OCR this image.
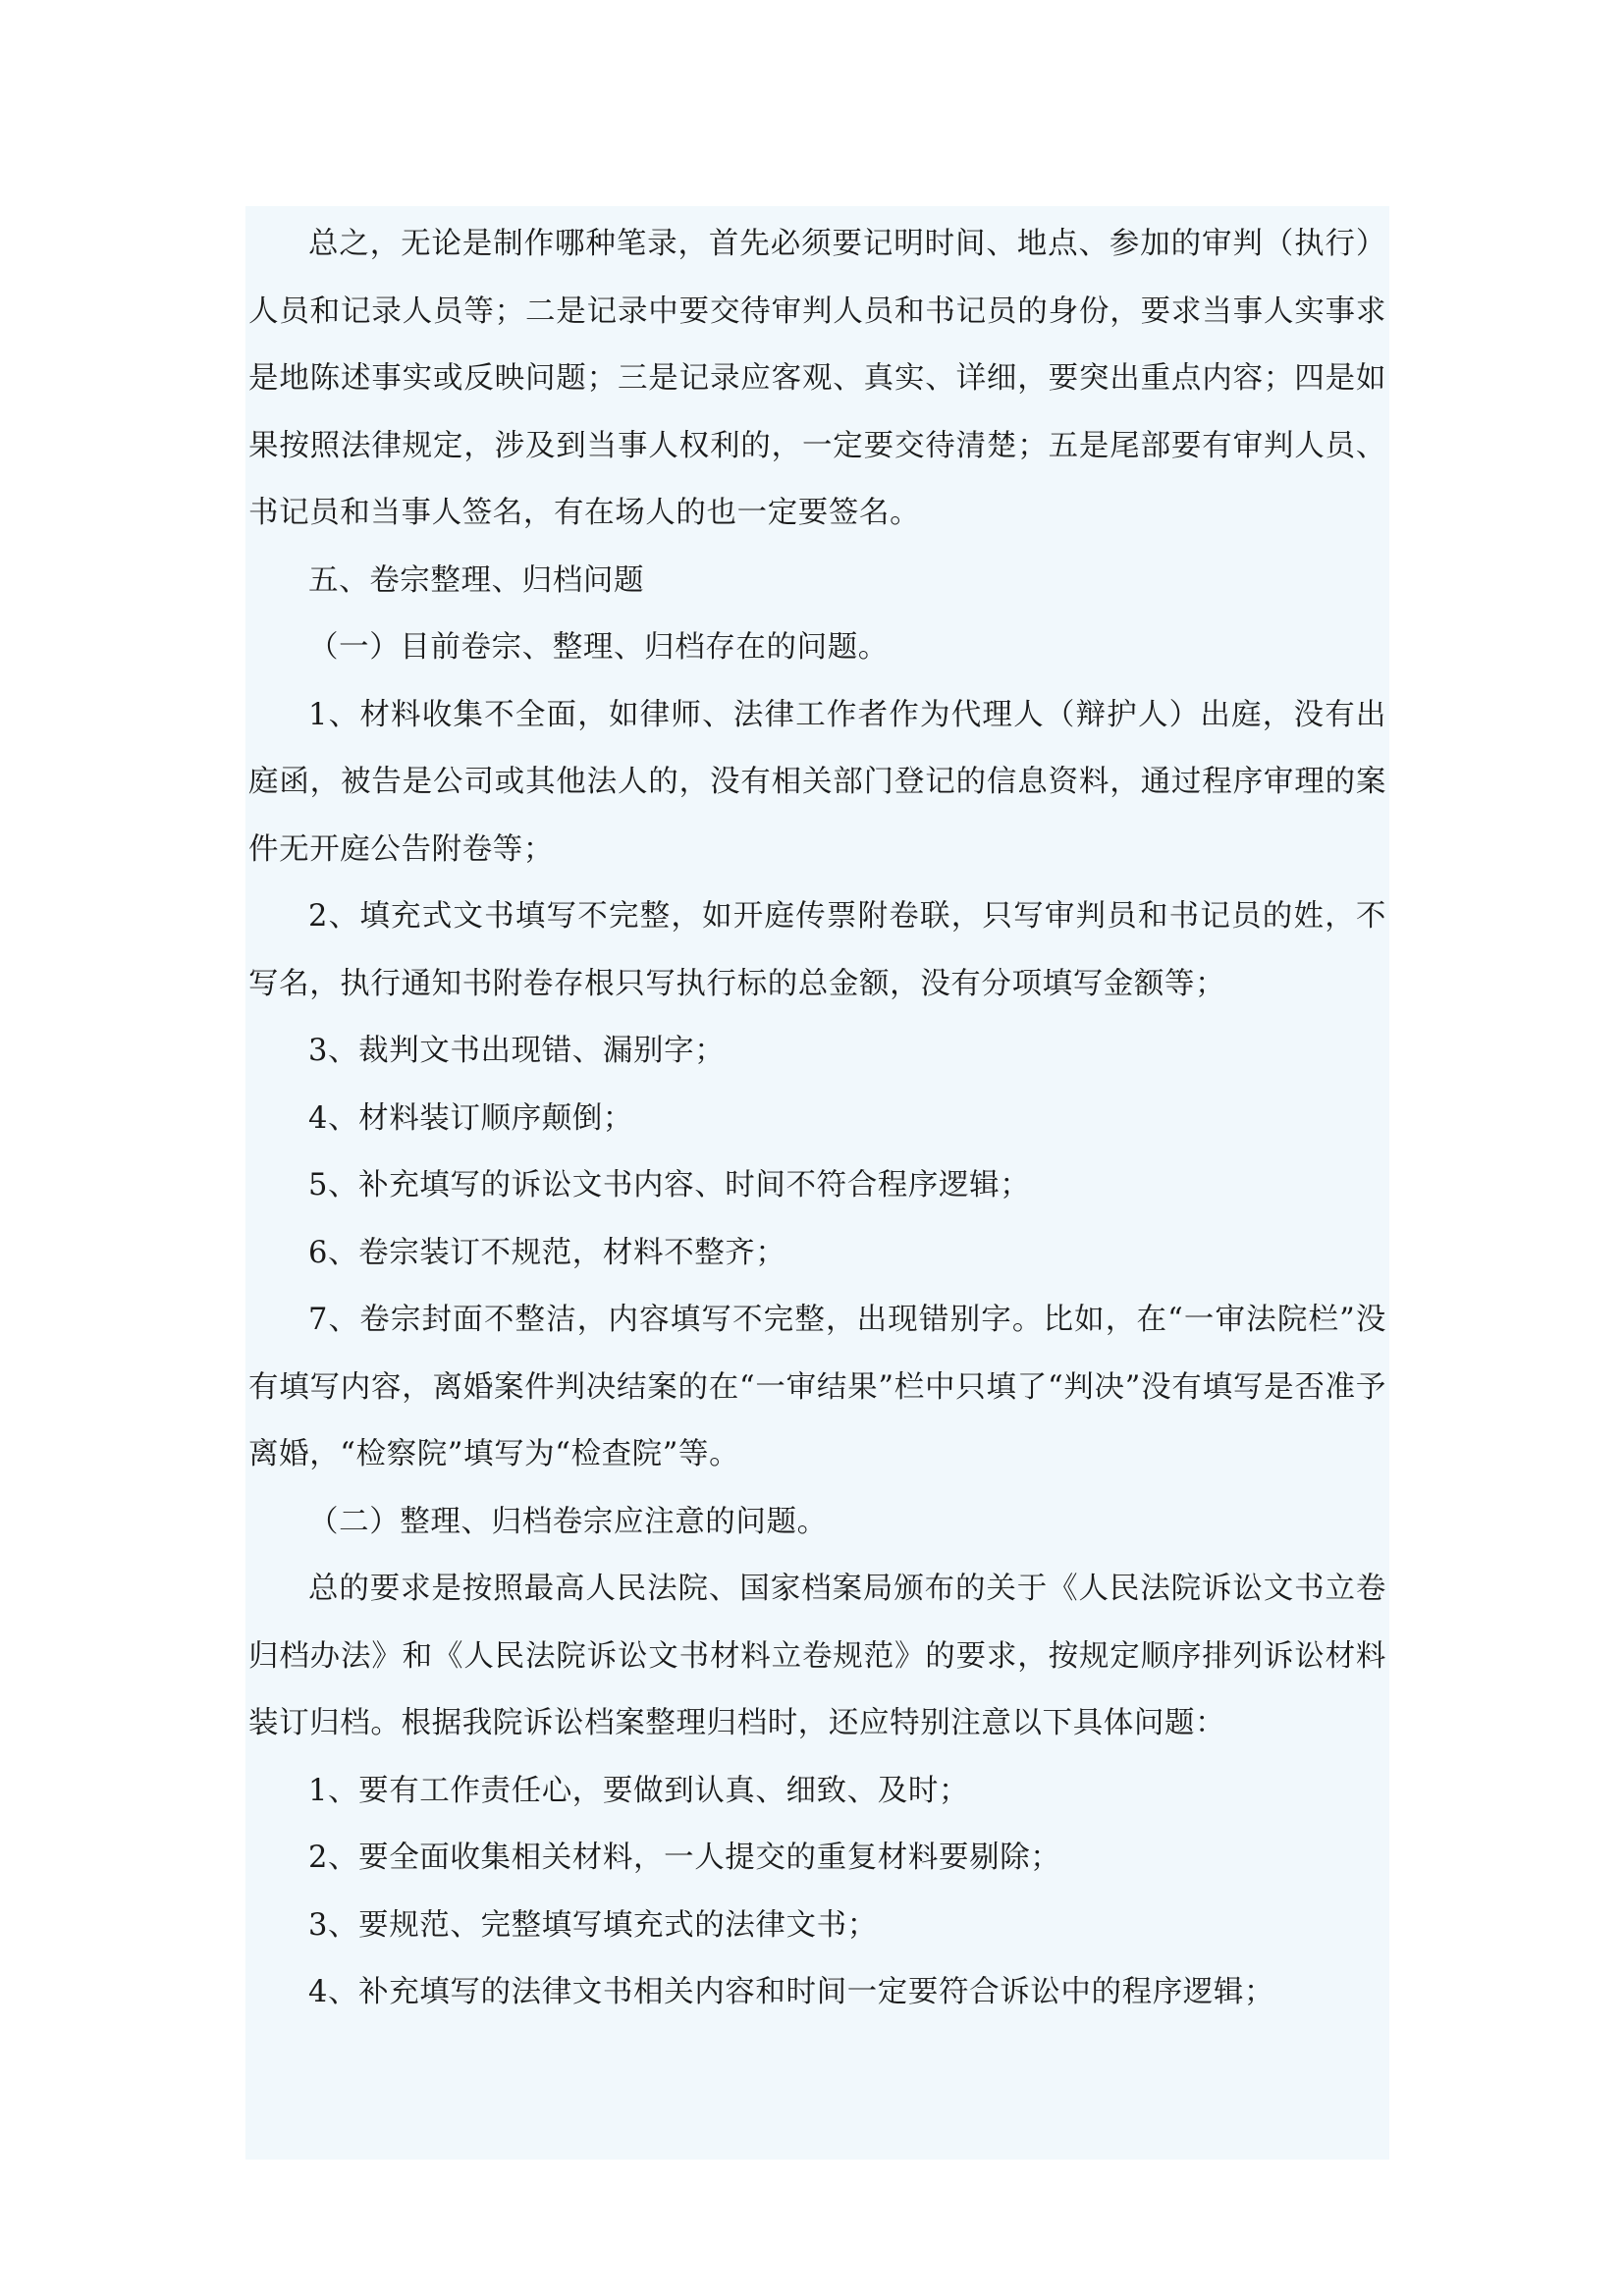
总之，无论是制作哪种笔录，首先必须要记明时间、地点、参加的审判（执行）人员和记录人员等；二是记录中要交待审判人员和书记员的身份，要求当事人实事求是地陈述事实或反映问题；三是记录应客观、真实、详细，要突出重点内容；四是如果按照法律规定，涉及到当事人权利的，一定要交待清楚；五是尾部要有审判人员、书记员和当事人签名，有在场人的也一定要签名。

五、卷宗整理、归档问题

（一）目前卷宗、整理、归档存在的问题。

1、材料收集不全面，如律师、法律工作者作为代理人（辩护人）出庭，没有出庭函，被告是公司或其他法人的，没有相关部门登记的信息资料，通过程序审理的案件无开庭公告附卷等；

2、填充式文书填写不完整，如开庭传票附卷联，只写审判员和书记员的姓，不写名，执行通知书附卷存根只写执行标的总金额，没有分项填写金额等；

3、裁判文书出现错、漏别字；

4、材料装订顺序颠倒；

5、补充填写的诉讼文书内容、时间不符合程序逻辑；

6、卷宗装订不规范，材料不整齐；

7、卷宗封面不整洁，内容填写不完整，出现错别字。比如，在“一审法院栏”没有填写内容，离婚案件判决结案的在“一审结果”栏中只填了“判决”没有填写是否准予离婚，“检察院”填写为“检查院”等。

（二）整理、归档卷宗应注意的问题。

总的要求是按照最高人民法院、国家档案局颁布的关于《人民法院诉讼文书立卷归档办法》和《人民法院诉讼文书材料立卷规范》的要求，按规定顺序排列诉讼材料装订归档。根据我院诉讼档案整理归档时，还应特别注意以下具体问题：

1、要有工作责任心，要做到认真、细致、及时；

2、要全面收集相关材料，一人提交的重复材料要剔除；

3、要规范、完整填写填充式的法律文书；

4、补充填写的法律文书相关内容和时间一定要符合诉讼中的程序逻辑；
